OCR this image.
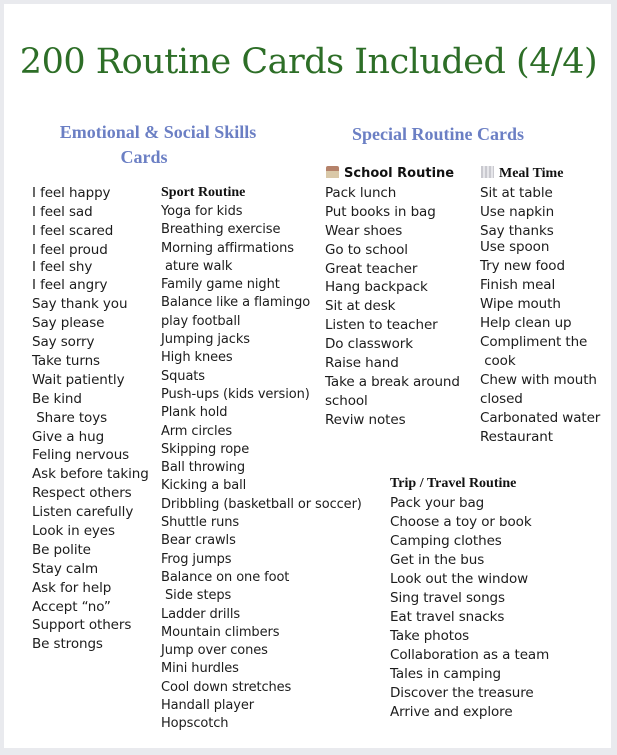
200 Routine Cards Included (4/4)
Emotional & Social Skills
Cards
I feel happy
I feel sad
I feel scared
I feel proud
I feel shy
I feel angry
Say thank you
Say please
Say sorry
Take turns
Wait patiently
Be kind
Share toys
Give a hug
Feling nervous
Ask before taking
Respect others
Listen carefully
Look in eyes
Be polite
Stay calm
Ask for help
Accept “no”
Support others
Be strongs
Sport Routine
Yoga for kids
Breathing exercise
Morning affirmations
ature walk
Family game night
Balance like a flamingo
play football
Jumping jacks
High knees
Squats
Push-ups (kids version)
Plank hold
Arm circles
Skipping rope
Ball throwing
Kicking a ball
Dribbling (basketball or soccer)
Shuttle runs
Bear crawls
Frog jumps
Balance on one foot
Side steps
Ladder drills
Mountain climbers
Jump over cones
Mini hurdles
Cool down stretches
Handall player
Hopscotch
Special Routine Cards
School Routine
Pack lunch
Put books in bag
Wear shoes
Go to school
Great teacher
Hang backpack
Sit at desk
Listen to teacher
Do classwork
Raise hand
Take a break around
school
Reviw notes
Meal Time
Sit at table
Use napkin
Say thanks
Use spoon
Try new food
Finish meal
Wipe mouth
Help clean up
Compliment the
cook
Chew with mouth
closed
Carbonated water
Restaurant
Trip / Travel Routine
Pack your bag
Choose a toy or book
Camping clothes
Get in the bus
Look out the window
Sing travel songs
Eat travel snacks
Take photos
Collaboration as a team
Tales in camping
Discover the treasure
Arrive and explore
